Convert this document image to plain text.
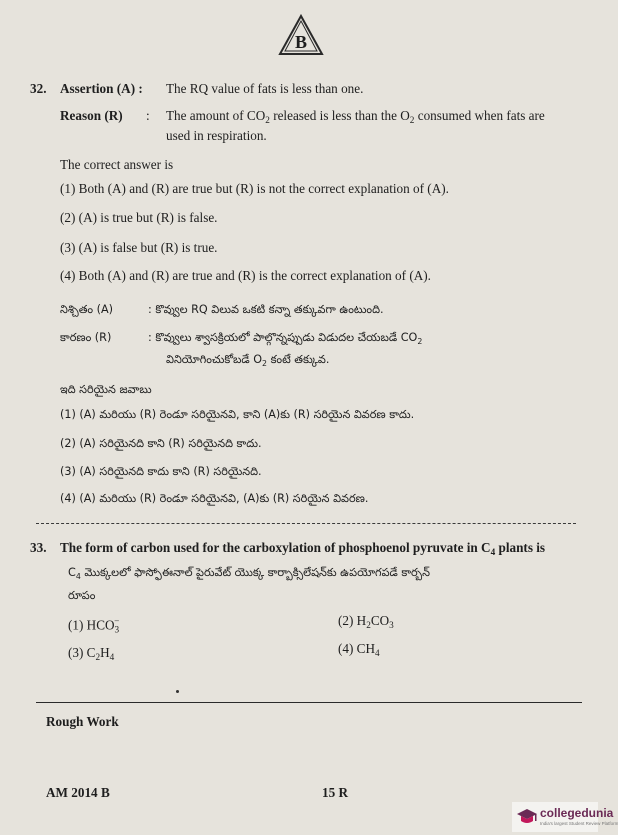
B
32. Assertion (A) : The RQ value of fats is less than one.
Reason (R) : The amount of $CO_2$ released is less than the $O_2$ consumed when fats are
used in respiration.
The correct answer is
(1) Both (A) and (R) are true but (R) is not the correct explanation of (A).
(2) (A) is true but (R) is false.
(3) (A) is false but (R) is true.
(4) Both (A) and (R) are true and (R) is the correct explanation of (A).
నిశ్చితం (A)	: కొవ్వుల RQ విలువ ఒకటి కన్నా తక్కువగా ఉంటుంది.
కారణం (R)	: కొవ్వులు శ్వాసక్రియలో పాల్గొన్నప్పుడు విడుదల చేయబడే $CO_2$
వినియోగించుకోబడే $O_2$ కంటే తక్కువ.
ఇది సరియైన జవాబు
(1) (A) మరియు (R) రెండూ సరియైనవి, కాని (A)కు (R) సరియైన వివరణ కాదు.
(2) (A) సరియైనది కాని (R) సరియైనది కాదు.
(3) (A) సరియైనది కాదు కాని (R) సరియైనది.
(4) (A) మరియు (R) రెండూ సరియైనవి, (A)కు (R) సరియైన వివరణ.
33. The form of carbon used for the carboxylation of phosphoenol pyruvate in $C_4$ plants is
$C_4$ మొక్కలలో ఫాస్ఫోఈనాల్ పైరువేట్ యొక్క కార్బాక్సిలేషన్‌కు ఉపయోగపడే కార్బన్
రూపం
(1) $HCO_3^-$	(2) $H_2CO_3$
(3) $C_2H_4$
(4) $CH_4$
Rough Work
AM 2014 B	15 R
collegedunia
India's largest Student Review Platform
